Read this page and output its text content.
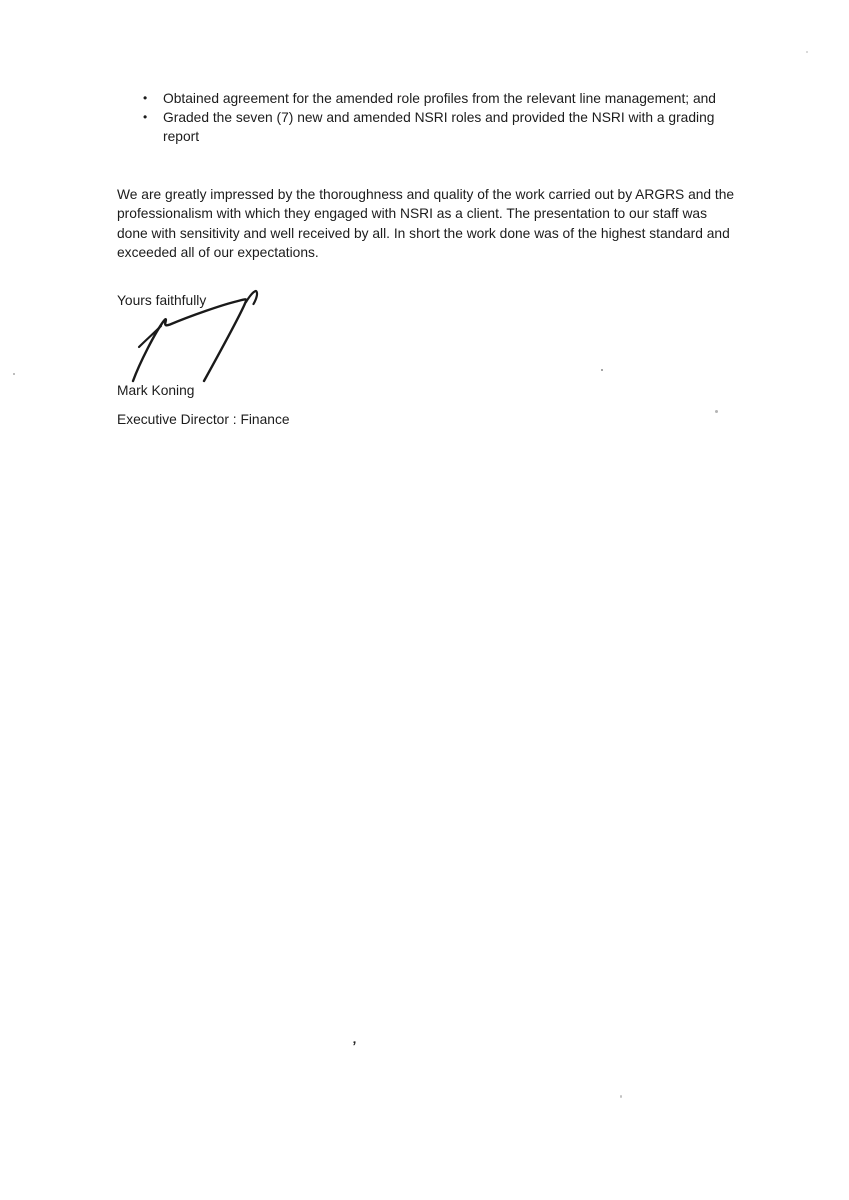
•	Obtained agreement for the amended role profiles from the relevant line management; and
•	Graded the seven (7) new and amended NSRI roles and provided the NSRI with a grading report

We are greatly impressed by the thoroughness and quality of the work carried out by ARGRS and the professionalism with which they engaged with NSRI as a client. The presentation to our staff was done with sensitivity and well received by all. In short the work done was of the highest standard and exceeded all of our expectations.

Yours faithfully
Mark Koning
Executive Director : Finance
’
